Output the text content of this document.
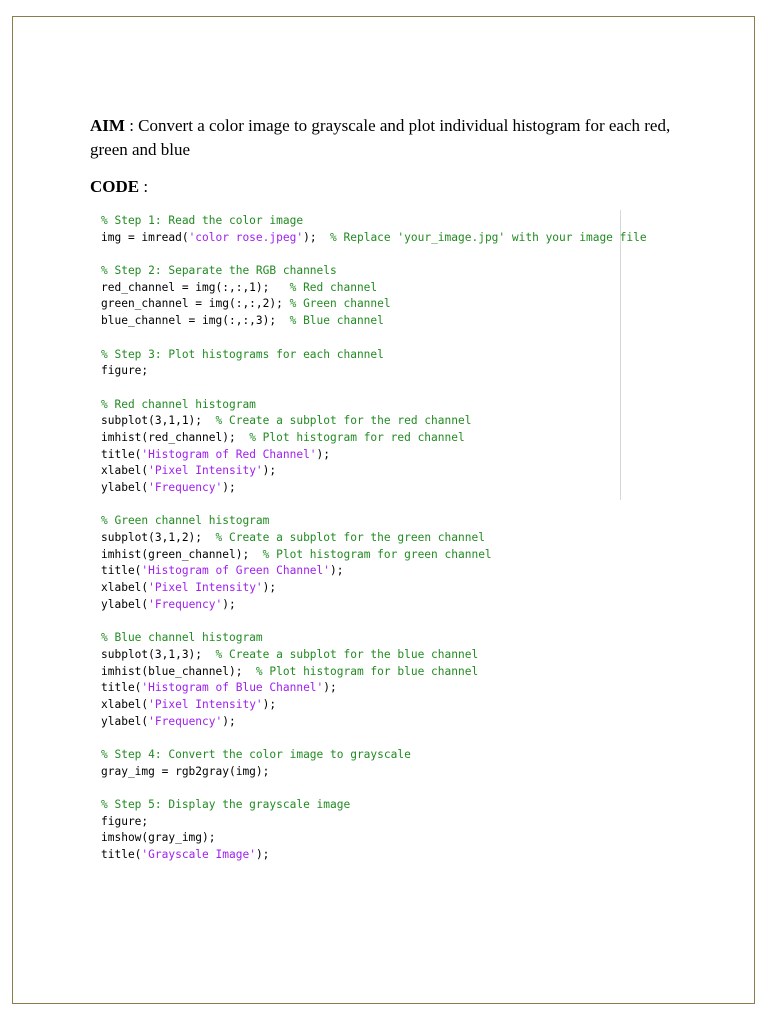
AIM : Convert a color image to grayscale and plot individual histogram for each red, green and blue
CODE :
% Step 1: Read the color image
img = imread('color rose.jpeg');  % Replace 'your_image.jpg' with your image file
% Step 2: Separate the RGB channels
red_channel = img(:,:,1);   % Red channel
green_channel = img(:,:,2); % Green channel
blue_channel = img(:,:,3);  % Blue channel
% Step 3: Plot histograms for each channel
figure;
% Red channel histogram
subplot(3,1,1);  % Create a subplot for the red channel
imhist(red_channel);  % Plot histogram for red channel
title('Histogram of Red Channel');
xlabel('Pixel Intensity');
ylabel('Frequency');
% Green channel histogram
subplot(3,1,2);  % Create a subplot for the green channel
imhist(green_channel);  % Plot histogram for green channel
title('Histogram of Green Channel');
xlabel('Pixel Intensity');
ylabel('Frequency');
% Blue channel histogram
subplot(3,1,3);  % Create a subplot for the blue channel
imhist(blue_channel);  % Plot histogram for blue channel
title('Histogram of Blue Channel');
xlabel('Pixel Intensity');
ylabel('Frequency');
% Step 4: Convert the color image to grayscale
gray_img = rgb2gray(img);
% Step 5: Display the grayscale image
figure;
imshow(gray_img);
title('Grayscale Image');
